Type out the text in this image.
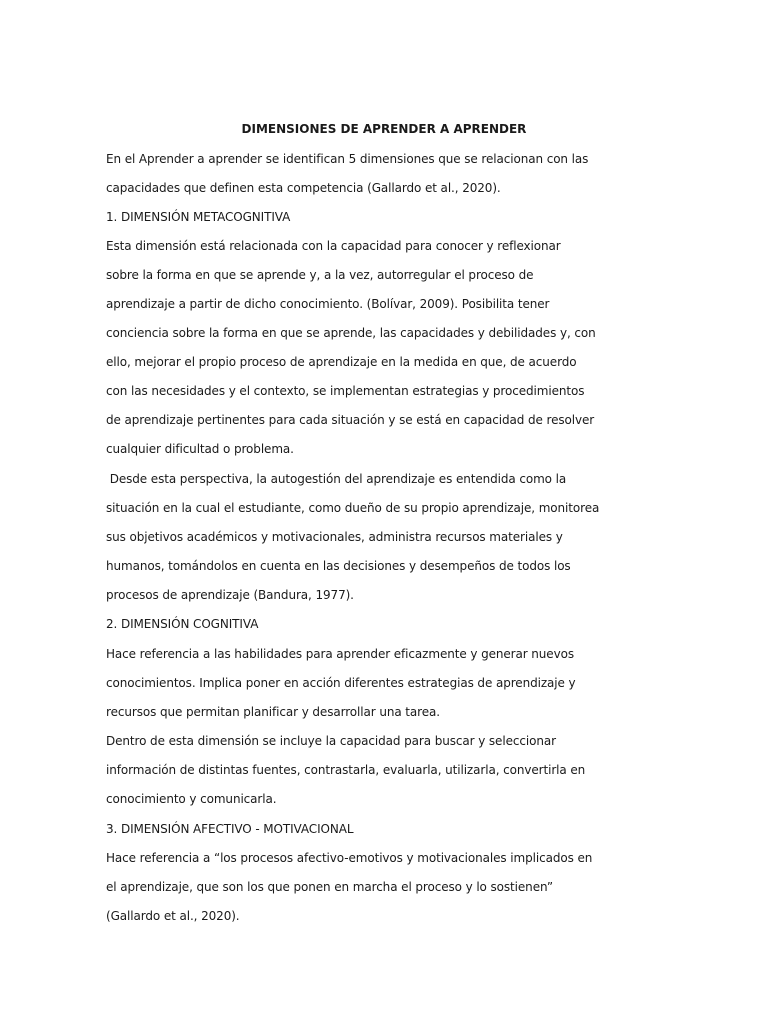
DIMENSIONES DE APRENDER A APRENDER
En el Aprender a aprender se identifican 5 dimensiones que se relacionan con las
capacidades que definen esta competencia (Gallardo et al., 2020).
1. DIMENSIÓN METACOGNITIVA
Esta dimensión está relacionada con la capacidad para conocer y reflexionar
sobre la forma en que se aprende y, a la vez, autorregular el proceso de
aprendizaje a partir de dicho conocimiento. (Bolívar, 2009). Posibilita tener
conciencia sobre la forma en que se aprende, las capacidades y debilidades y, con
ello, mejorar el propio proceso de aprendizaje en la medida en que, de acuerdo
con las necesidades y el contexto, se implementan estrategias y procedimientos
de aprendizaje pertinentes para cada situación y se está en capacidad de resolver
cualquier dificultad o problema.
Desde esta perspectiva, la autogestión del aprendizaje es entendida como la
situación en la cual el estudiante, como dueño de su propio aprendizaje, monitorea
sus objetivos académicos y motivacionales, administra recursos materiales y
humanos, tomándolos en cuenta en las decisiones y desempeños de todos los
procesos de aprendizaje (Bandura, 1977).
2. DIMENSIÓN COGNITIVA
Hace referencia a las habilidades para aprender eficazmente y generar nuevos
conocimientos. Implica poner en acción diferentes estrategias de aprendizaje y
recursos que permitan planificar y desarrollar una tarea.
Dentro de esta dimensión se incluye la capacidad para buscar y seleccionar
información de distintas fuentes, contrastarla, evaluarla, utilizarla, convertirla en
conocimiento y comunicarla.
3. DIMENSIÓN AFECTIVO - MOTIVACIONAL
Hace referencia a “los procesos afectivo-emotivos y motivacionales implicados en
el aprendizaje, que son los que ponen en marcha el proceso y lo sostienen”
(Gallardo et al., 2020).
